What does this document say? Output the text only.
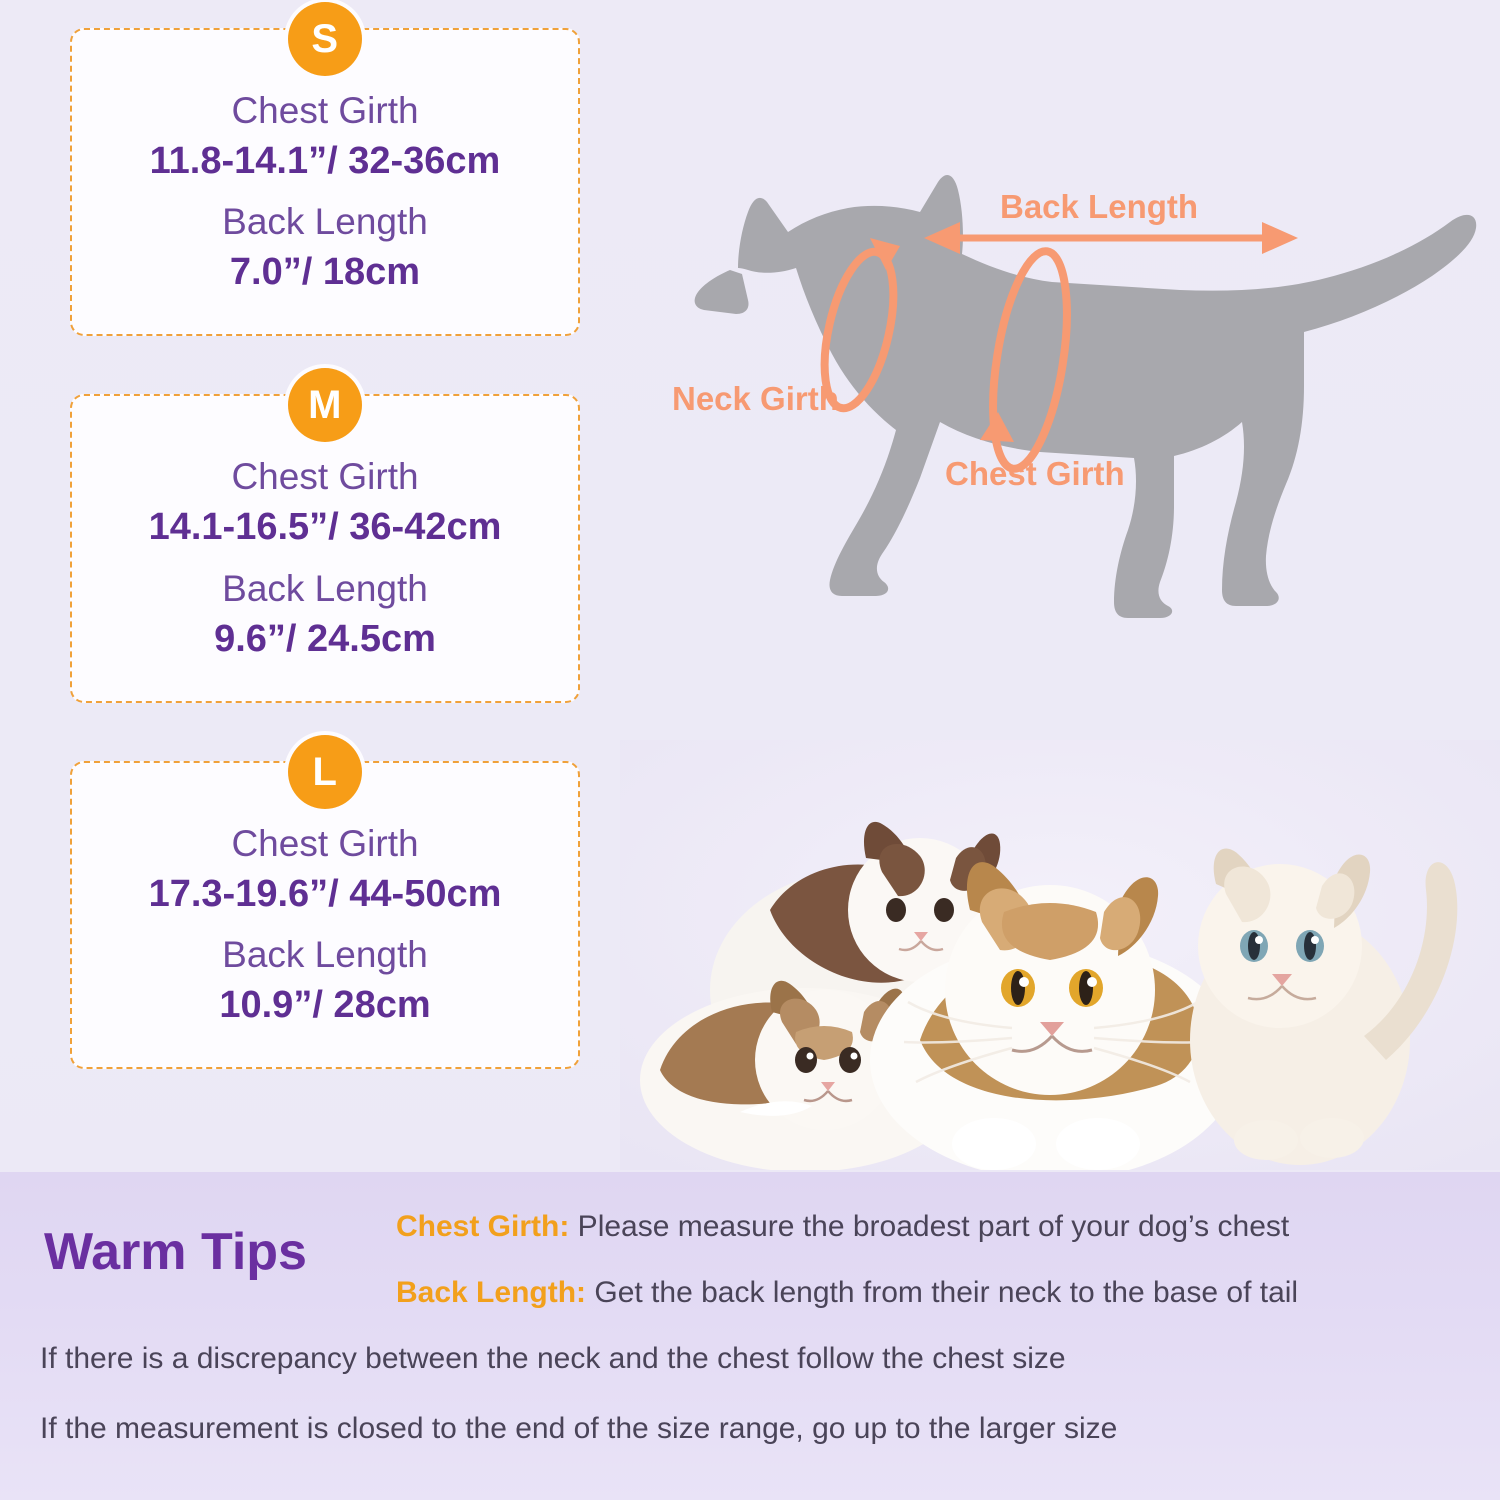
S
Chest Girth
11.8-14.1”/ 32-36cm
Back Length
7.0”/ 18cm
M
Chest Girth
14.1-16.5”/ 36-42cm
Back Length
9.6”/ 24.5cm
L
Chest Girth
17.3-19.6”/ 44-50cm
Back Length
10.9”/ 28cm
Back Length
Neck Girth
Chest Girth
Warm Tips	Chest Girth: Please measure the broadest part of your dog’s chest
Back Length: Get the back length from their neck to the base of tail
If there is a discrepancy between the neck and the chest follow the chest size
If the measurement is closed to the end of the size range, go up to the larger size
